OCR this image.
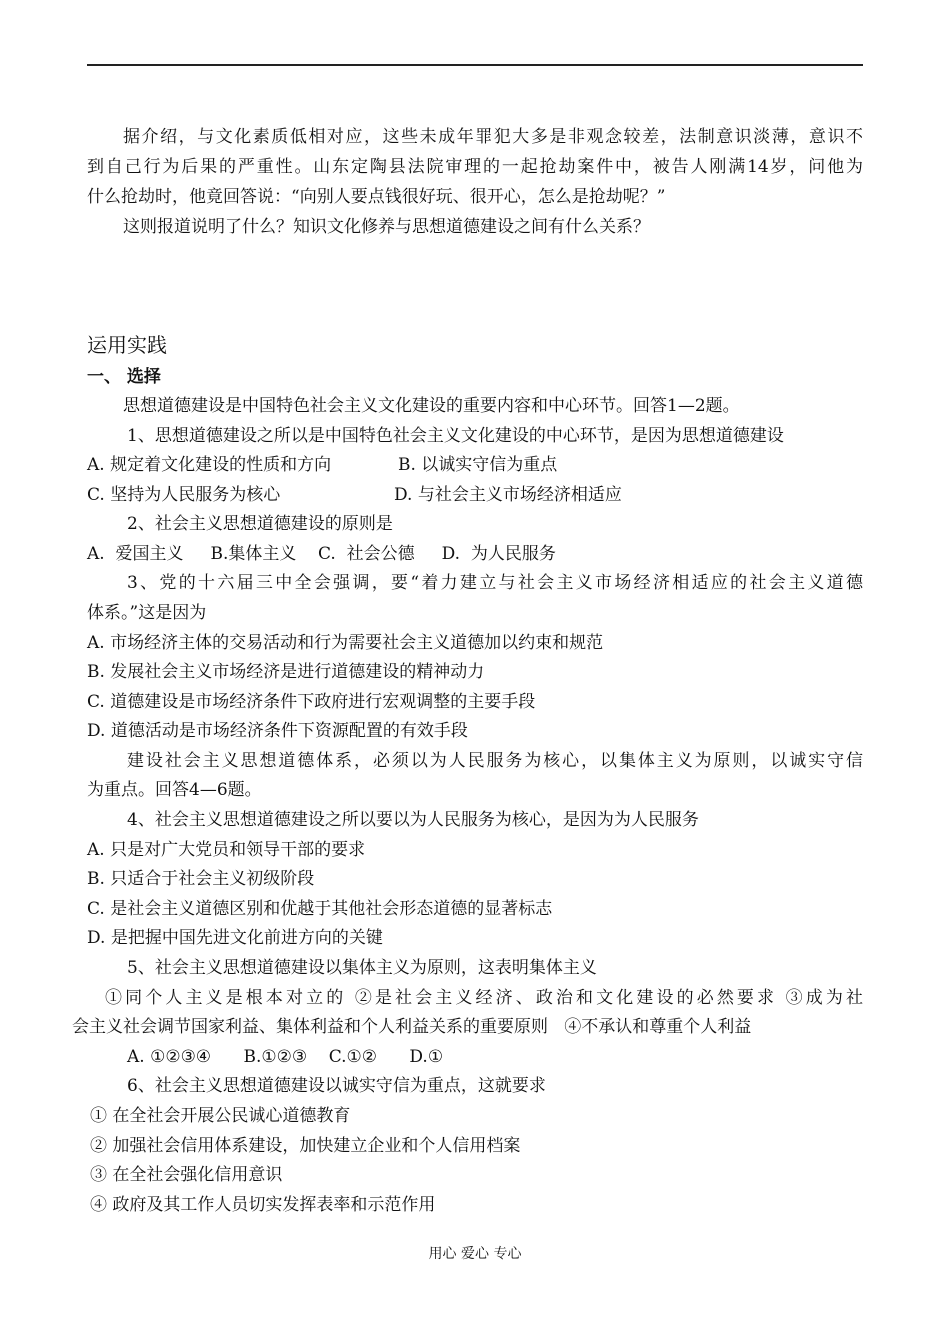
据介绍，与文化素质低相对应，这些未成年罪犯大多是非观念较差，法制意识淡薄，意识不
到自己行为后果的严重性。山东定陶县法院审理的一起抢劫案件中，被告人刚满14岁，问他为
什么抢劫时，他竟回答说：“向别人要点钱很好玩、很开心，怎么是抢劫呢？”
这则报道说明了什么？知识文化修养与思想道德建设之间有什么关系？
运用实践
一、 选择
思想道德建设是中国特色社会主义文化建设的重要内容和中心环节。回答1—2题。
1、思想道德建设之所以是中国特色社会主义文化建设的中心环节，是因为思想道德建设
A. 规定着文化建设的性质和方向	B. 以诚实守信为重点
C. 坚持为人民服务为核心	D. 与社会主义市场经济相适应
2、社会主义思想道德建设的原则是
A.  爱国主义     B.集体主义    C.  社会公德     D.  为人民服务
3、党的十六届三中全会强调，要“着力建立与社会主义市场经济相适应的社会主义道德
体系。”这是因为
A. 市场经济主体的交易活动和行为需要社会主义道德加以约束和规范
B. 发展社会主义市场经济是进行道德建设的精神动力
C. 道德建设是市场经济条件下政府进行宏观调整的主要手段
D. 道德活动是市场经济条件下资源配置的有效手段
建设社会主义思想道德体系，必须以为人民服务为核心，以集体主义为原则，以诚实守信
为重点。回答4—6题。
4、社会主义思想道德建设之所以要以为人民服务为核心，是因为为人民服务
A. 只是对广大党员和领导干部的要求
B. 只适合于社会主义初级阶段
C. 是社会主义道德区别和优越于其他社会形态道德的显著标志
D. 是把握中国先进文化前进方向的关键
5、社会主义思想道德建设以集体主义为原则，这表明集体主义
①同个人主义是根本对立的 ②是社会主义经济、政治和文化建设的必然要求 ③成为社
会主义社会调节国家利益、集体利益和个人利益关系的重要原则   ④不承认和尊重个人利益
A. ①②③④      B.①②③    C.①②      D.①
6、社会主义思想道德建设以诚实守信为重点，这就要求
① 在全社会开展公民诚心道德教育
② 加强社会信用体系建设，加快建立企业和个人信用档案
③ 在全社会强化信用意识
④ 政府及其工作人员切实发挥表率和示范作用
用心 爱心 专心
